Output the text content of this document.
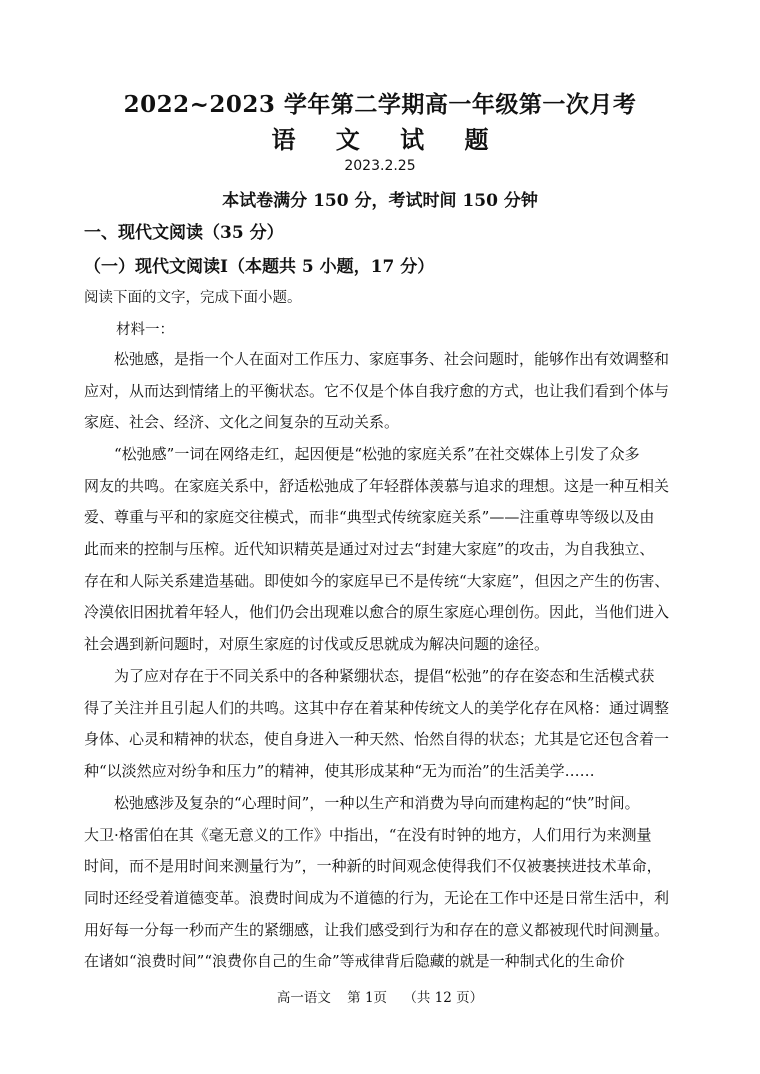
2022~2023 学年第二学期高一年级第一次月考
语 文 试 题
2023.2.25
本试卷满分 150 分，考试时间 150 分钟
一、现代文阅读（35 分）
（一）现代文阅读Ⅰ（本题共 5 小题，17 分）
阅读下面的文字，完成下面小题。
材料一：
　　松弛感，是指一个人在面对工作压力、家庭事务、社会问题时，能够作出有效调整和
应对，从而达到情绪上的平衡状态。它不仅是个体自我疗愈的方式，也让我们看到个体与
家庭、社会、经济、文化之间复杂的互动关系。
　　“松弛感”一词在网络走红，起因便是“松弛的家庭关系”在社交媒体上引发了众多
网友的共鸣。在家庭关系中，舒适松弛成了年轻群体羡慕与追求的理想。这是一种互相关
爱、尊重与平和的家庭交往模式，而非“典型式传统家庭关系”——注重尊卑等级以及由
此而来的控制与压榨。近代知识精英是通过对过去“封建大家庭”的攻击，为自我独立、
存在和人际关系建造基础。即使如今的家庭早已不是传统“大家庭”，但因之产生的伤害、
冷漠依旧困扰着年轻人，他们仍会出现难以愈合的原生家庭心理创伤。因此，当他们进入
社会遇到新问题时，对原生家庭的讨伐或反思就成为解决问题的途径。
　　为了应对存在于不同关系中的各种紧绷状态，提倡“松弛”的存在姿态和生活模式获
得了关注并且引起人们的共鸣。这其中存在着某种传统文人的美学化存在风格：通过调整
身体、心灵和精神的状态，使自身进入一种天然、怡然自得的状态；尤其是它还包含着一
种“以淡然应对纷争和压力”的精神，使其形成某种“无为而治”的生活美学……
　　松弛感涉及复杂的“心理时间”，一种以生产和消费为导向而建构起的“快”时间。
大卫·格雷伯在其《毫无意义的工作》中指出，“在没有时钟的地方，人们用行为来测量
时间，而不是用时间来测量行为”，一种新的时间观念使得我们不仅被裹挟进技术革命，
同时还经受着道德变革。浪费时间成为不道德的行为，无论在工作中还是日常生活中，利
用好每一分每一秒而产生的紧绷感，让我们感受到行为和存在的意义都被现代时间测量。
在诸如“浪费时间”“浪费你自己的生命”等戒律背后隐藏的就是一种制式化的生命价
高一语文 第 1页 （共 12 页）
